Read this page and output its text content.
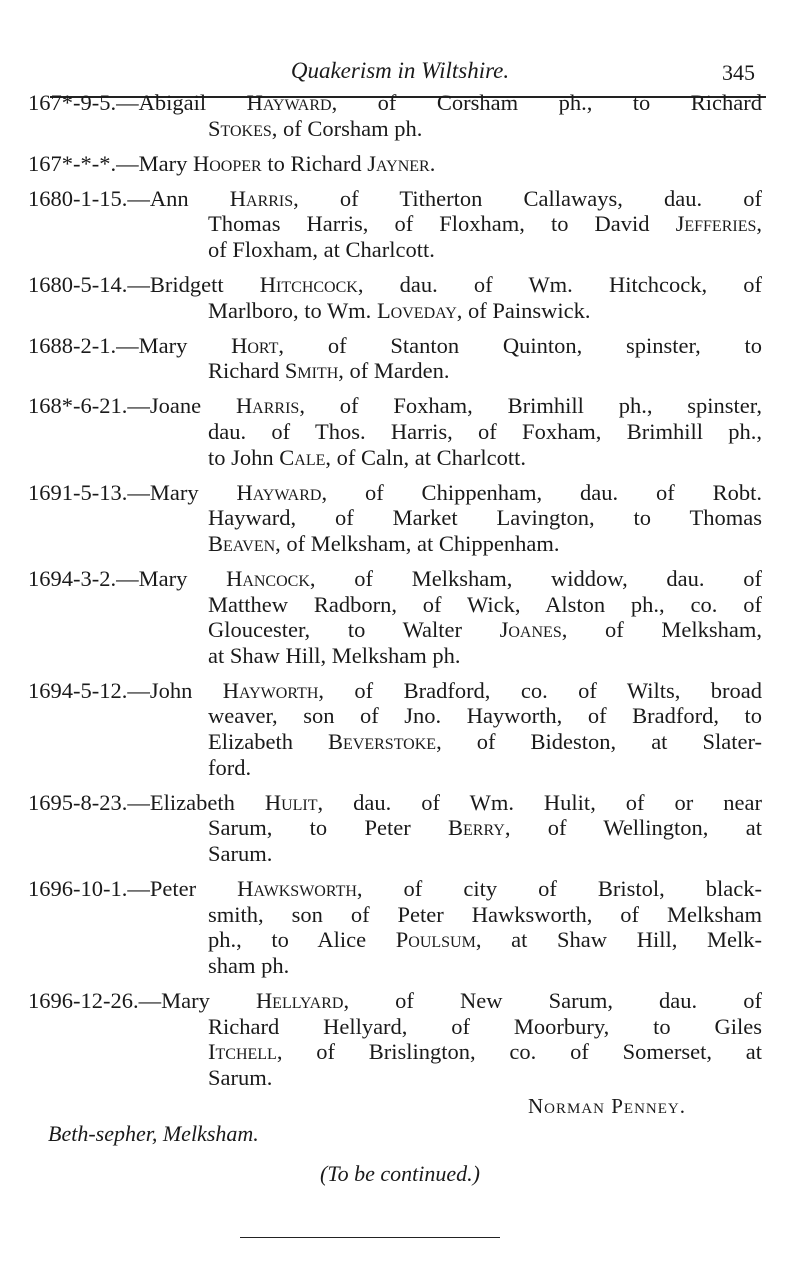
Quakerism in Wiltshire.	345
167*-9-5.—Abigail Hayward, of Corsham ph., to Richard
Stokes, of Corsham ph.
167*-*-*.—Mary Hooper to Richard Jayner.
1680-1-15.—Ann Harris, of Titherton Callaways, dau. of
Thomas Harris, of Floxham, to David Jefferies,
of Floxham, at Charlcott.
1680-5-14.—Bridgett Hitchcock, dau. of Wm. Hitchcock, of
Marlboro, to Wm. Loveday, of Painswick.
1688-2-1.—Mary Hort, of Stanton Quinton, spinster, to
Richard Smith, of Marden.
168*-6-21.—Joane Harris, of Foxham, Brimhill ph., spinster,
dau. of Thos. Harris, of Foxham, Brimhill ph.,
to John Cale, of Caln, at Charlcott.
1691-5-13.—Mary Hayward, of Chippenham, dau. of Robt.
Hayward, of Market Lavington, to Thomas
Beaven, of Melksham, at Chippenham.
1694-3-2.—Mary Hancock, of Melksham, widdow, dau. of
Matthew Radborn, of Wick, Alston ph., co. of
Gloucester, to Walter Joanes, of Melksham,
at Shaw Hill, Melksham ph.
1694-5-12.—John Hayworth, of Bradford, co. of Wilts, broad
weaver, son of Jno. Hayworth, of Bradford, to
Elizabeth Beverstoke, of Bideston, at Slater-
ford.
1695-8-23.—Elizabeth Hulit, dau. of Wm. Hulit, of or near
Sarum, to Peter Berry, of Wellington, at
Sarum.
1696-10-1.—Peter Hawksworth, of city of Bristol, black-
smith, son of Peter Hawksworth, of Melksham
ph., to Alice Poulsum, at Shaw Hill, Melk-
sham ph.
1696-12-26.—Mary Hellyard, of New Sarum, dau. of
Richard Hellyard, of Moorbury, to Giles
Itchell, of Brislington, co. of Somerset, at
Sarum.
Norman Penney.
Beth-sepher, Melksham.
(To be continued.)
